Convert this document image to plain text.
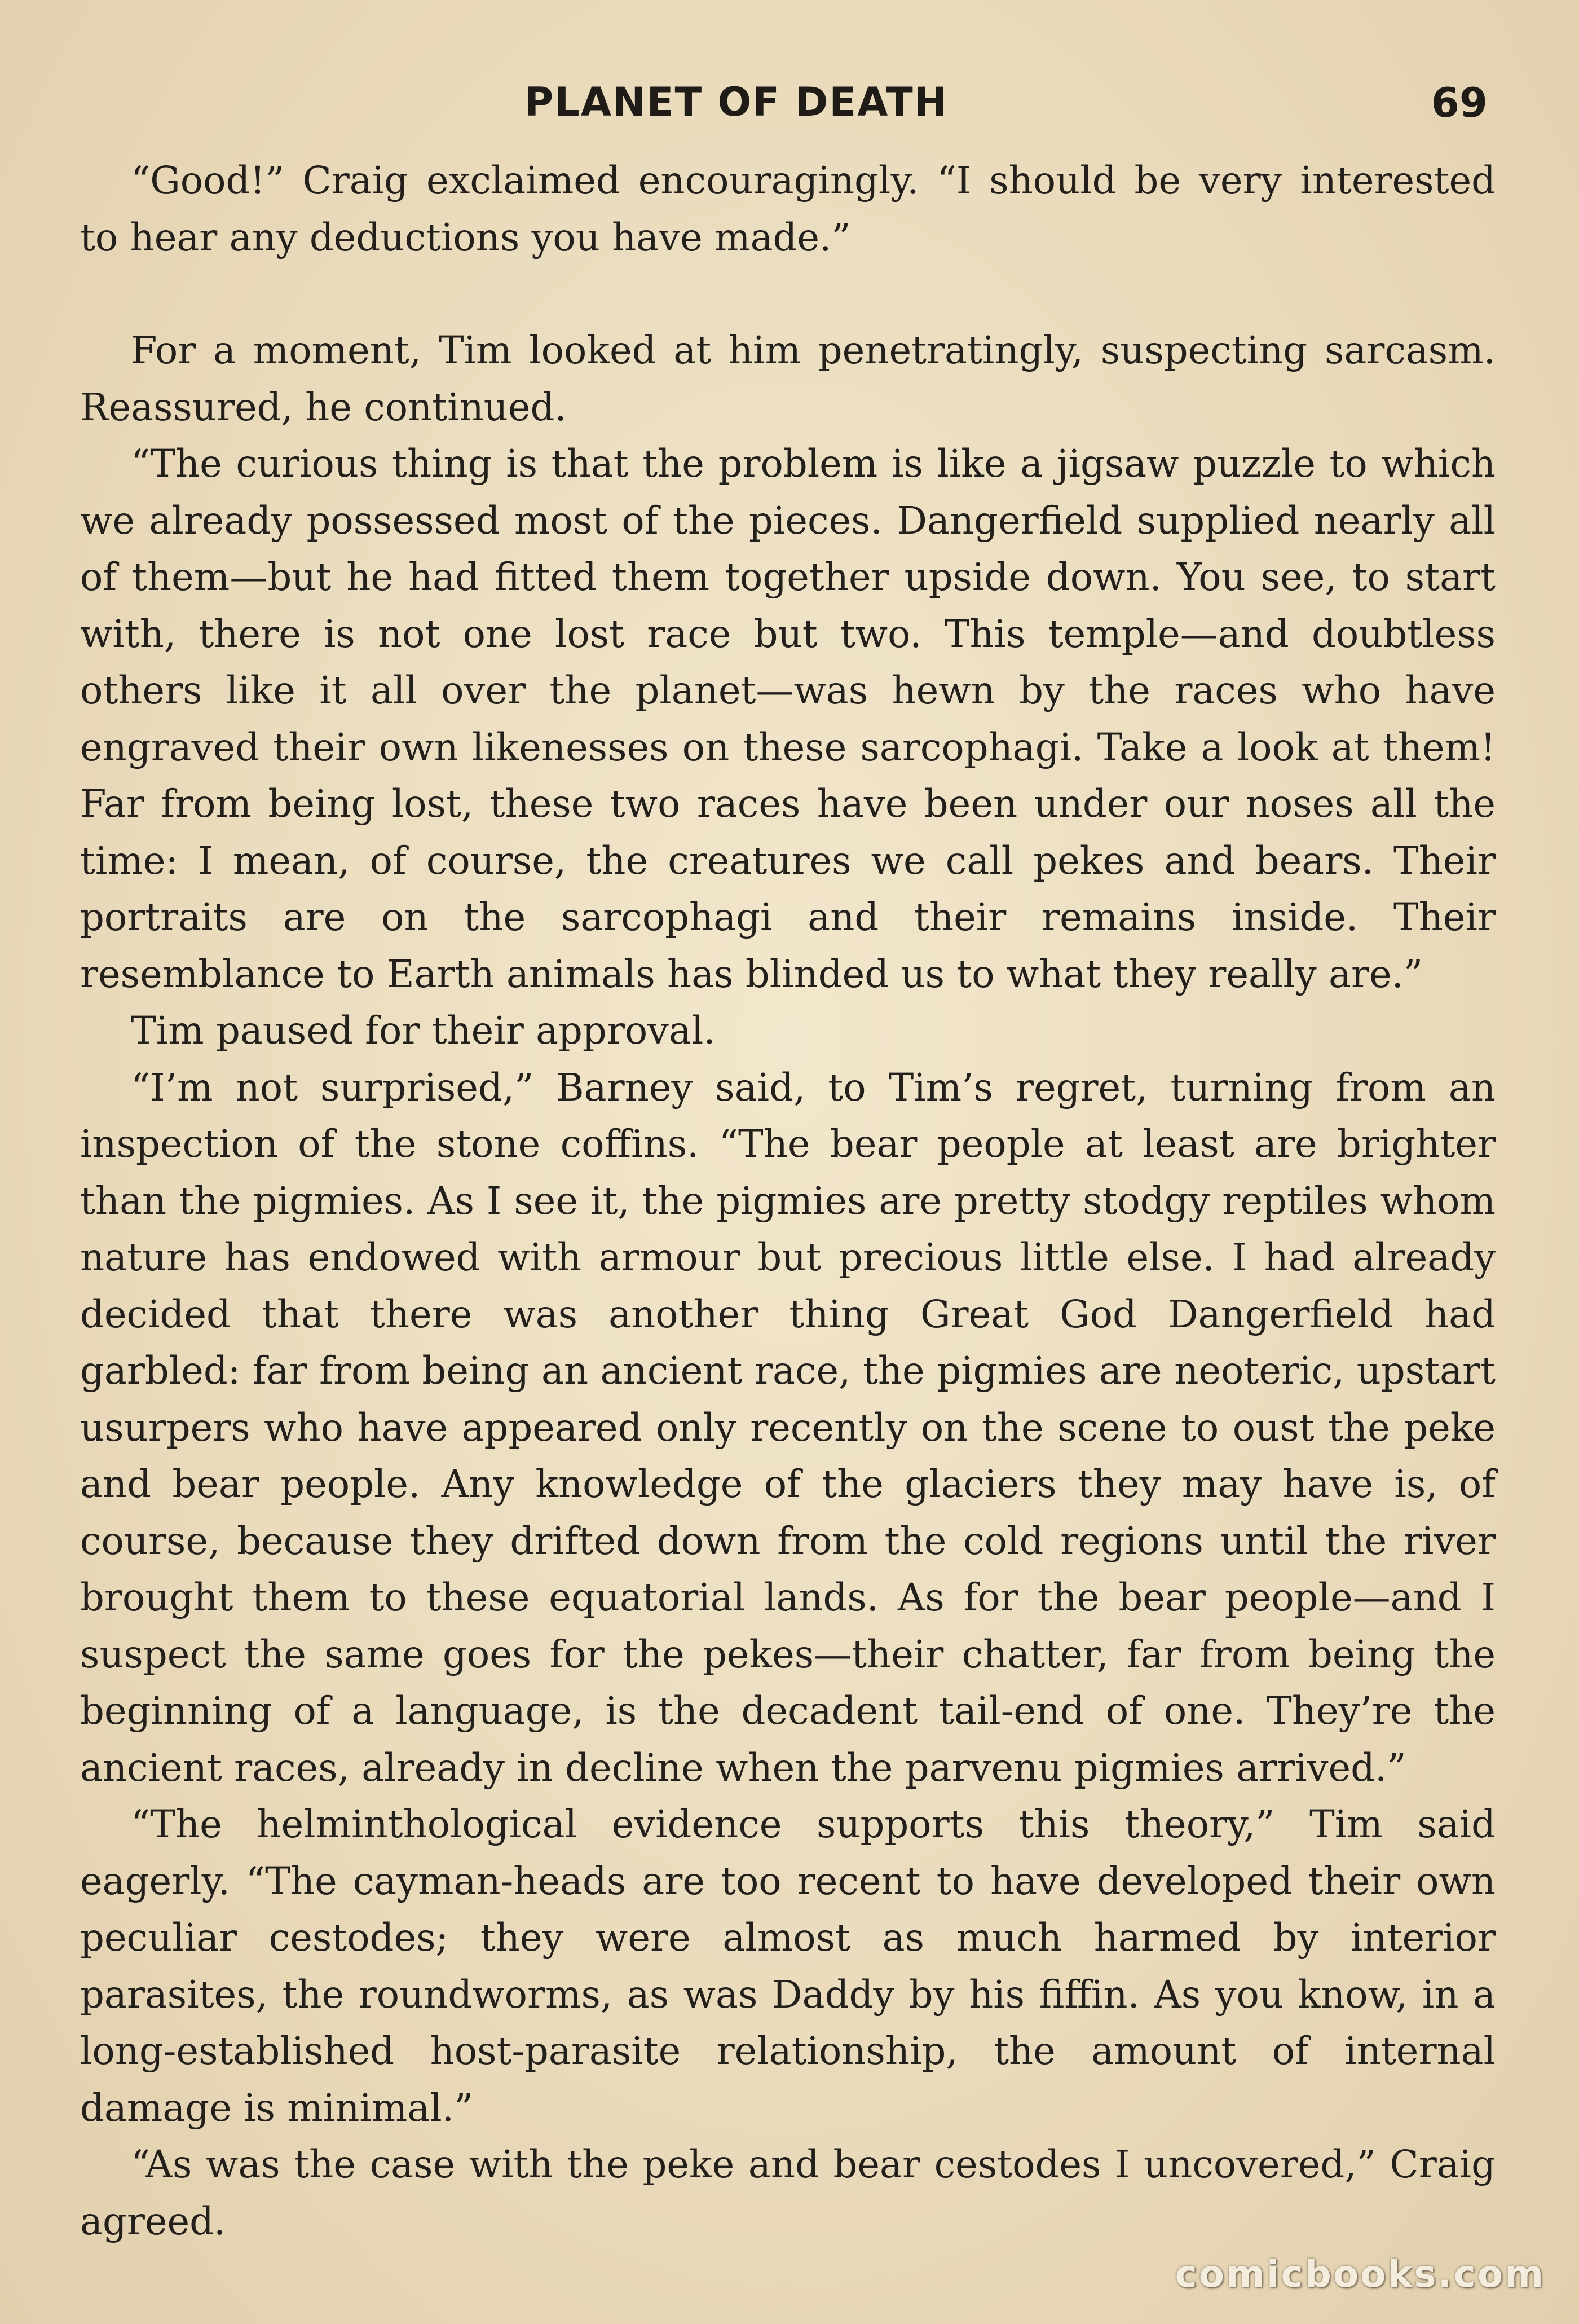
PLANET OF DEATH	69

“Good!” Craig exclaimed encouragingly. “I should be very interested to hear any deductions you have made.”

For a moment, Tim looked at him penetratingly, suspecting sarcasm. Reassured, he continued.

“The curious thing is that the problem is like a jigsaw puzzle to which we already possessed most of the pieces. Dangerfield supplied nearly all of them—but he had fitted them together upside down. You see, to start with, there is not one lost race but two. This temple—and doubtless others like it all over the planet—was hewn by the races who have engraved their own likenesses on these sarcophagi. Take a look at them! Far from being lost, these two races have been under our noses all the time: I mean, of course, the creatures we call pekes and bears. Their portraits are on the sarcophagi and their remains inside. Their resemblance to Earth animals has blinded us to what they really are.”

Tim paused for their approval.

“I’m not surprised,” Barney said, to Tim’s regret, turning from an inspection of the stone coffins. “The bear people at least are brighter than the pigmies. As I see it, the pigmies are pretty stodgy reptiles whom nature has endowed with armour but precious little else. I had already decided that there was another thing Great God Dangerfield had garbled: far from being an ancient race, the pigmies are neoteric, upstart usurpers who have appeared only recently on the scene to oust the peke and bear people. Any knowledge of the glaciers they may have is, of course, because they drifted down from the cold regions until the river brought them to these equatorial lands. As for the bear people—and I suspect the same goes for the pekes—their chatter, far from being the beginning of a language, is the decadent tail-end of one. They’re the ancient races, already in decline when the parvenu pigmies arrived.”

“The helminthological evidence supports this theory,” Tim said eagerly. “The cayman-heads are too recent to have developed their own peculiar cestodes; they were almost as much harmed by interior parasites, the roundworms, as was Daddy by his fiffin. As you know, in a long-established host-parasite relationship, the amount of internal damage is minimal.”

“As was the case with the peke and bear cestodes I uncovered,” Craig agreed.

comicbooks.com
